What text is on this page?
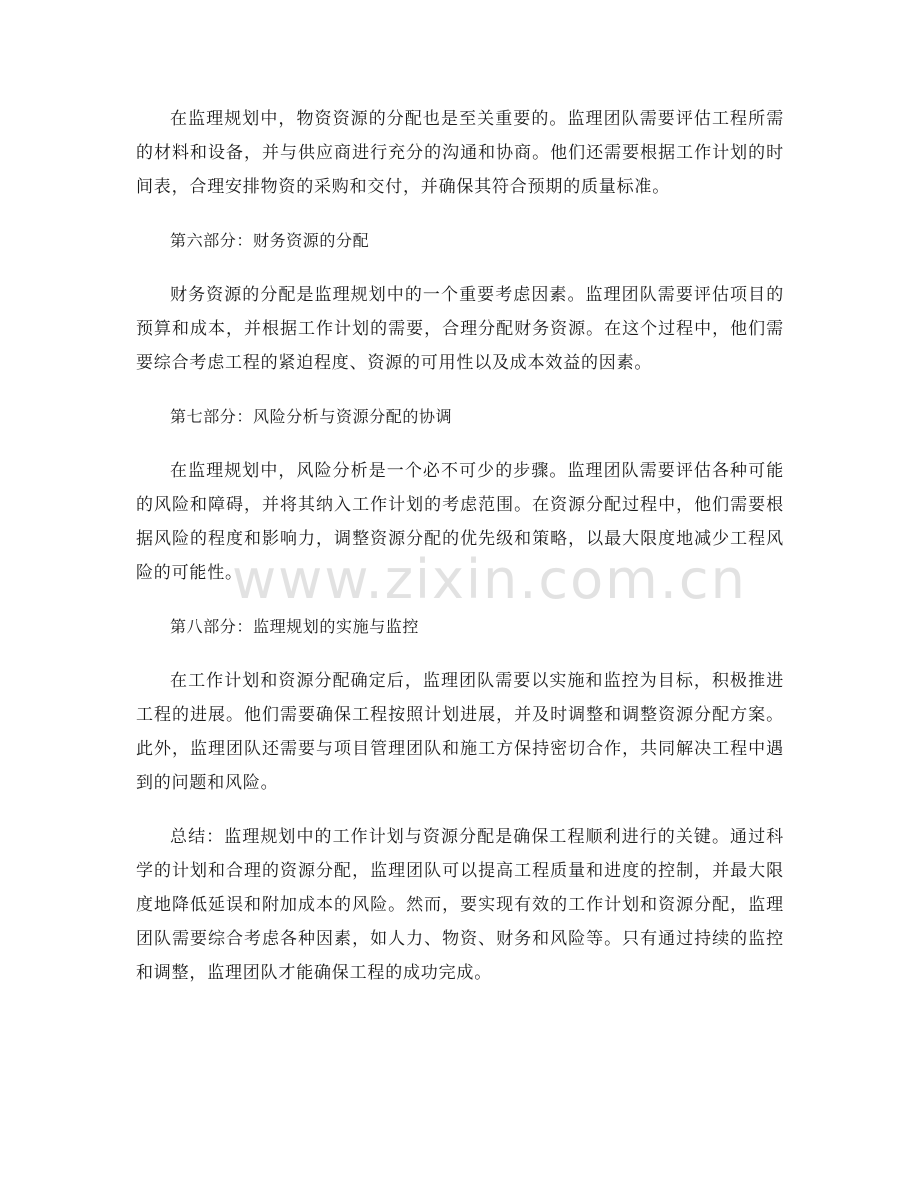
在监理规划中，物资资源的分配也是至关重要的。监理团队需要评估工程所需的材料和设备，并与供应商进行充分的沟通和协商。他们还需要根据工作计划的时间表，合理安排物资的采购和交付，并确保其符合预期的质量标准。

第六部分：财务资源的分配

财务资源的分配是监理规划中的一个重要考虑因素。监理团队需要评估项目的预算和成本，并根据工作计划的需要，合理分配财务资源。在这个过程中，他们需要综合考虑工程的紧迫程度、资源的可用性以及成本效益的因素。

第七部分：风险分析与资源分配的协调

在监理规划中，风险分析是一个必不可少的步骤。监理团队需要评估各种可能的风险和障碍，并将其纳入工作计划的考虑范围。在资源分配过程中，他们需要根据风险的程度和影响力，调整资源分配的优先级和策略，以最大限度地减少工程风险的可能性。

第八部分：监理规划的实施与监控

在工作计划和资源分配确定后，监理团队需要以实施和监控为目标，积极推进工程的进展。他们需要确保工程按照计划进展，并及时调整和调整资源分配方案。此外，监理团队还需要与项目管理团队和施工方保持密切合作，共同解决工程中遇到的问题和风险。

总结：监理规划中的工作计划与资源分配是确保工程顺利进行的关键。通过科学的计划和合理的资源分配，监理团队可以提高工程质量和进度的控制，并最大限度地降低延误和附加成本的风险。然而，要实现有效的工作计划和资源分配，监理团队需要综合考虑各种因素，如人力、物资、财务和风险等。只有通过持续的监控和调整，监理团队才能确保工程的成功完成。

www.zixin.com.cn
